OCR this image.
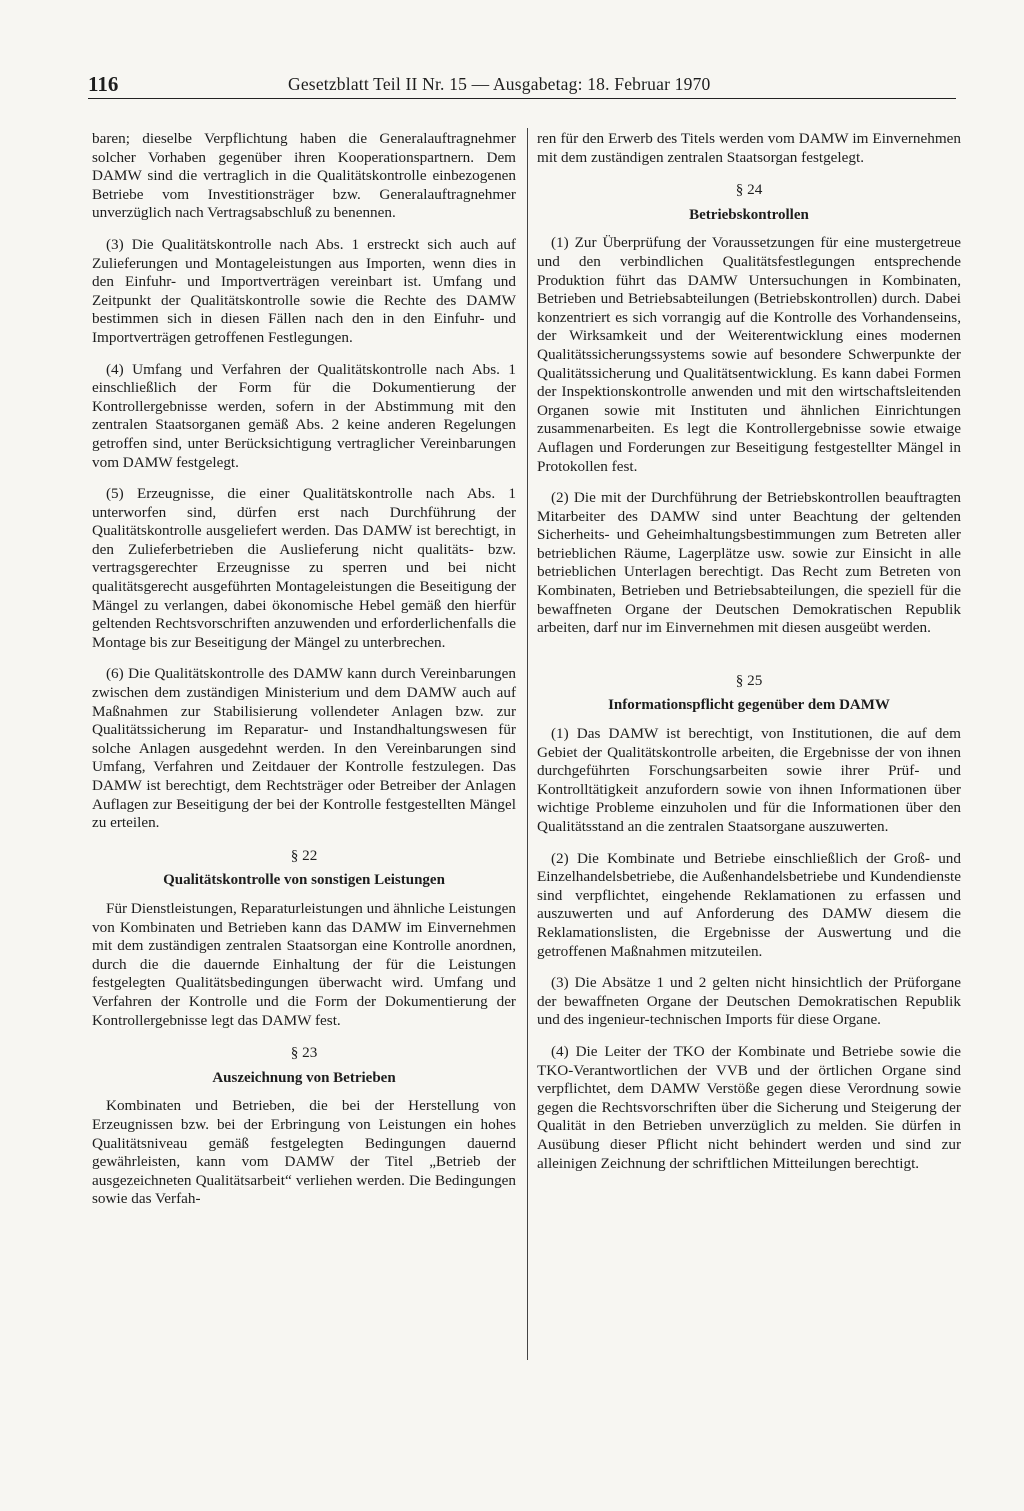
116	Gesetzblatt Teil II Nr. 15 — Ausgabetag: 18. Februar 1970

baren; dieselbe Verpflichtung haben die Generalauftragnehmer solcher Vorhaben gegenüber ihren Kooperationspartnern. Dem DAMW sind die vertraglich in die Qualitätskontrolle einbezogenen Betriebe vom Investitionsträger bzw. Generalauftragnehmer unverzüglich nach Vertragsabschluß zu benennen.

(3) Die Qualitätskontrolle nach Abs. 1 erstreckt sich auch auf Zulieferungen und Montageleistungen aus Importen, wenn dies in den Einfuhr- und Importverträgen vereinbart ist. Umfang und Zeitpunkt der Qualitätskontrolle sowie die Rechte des DAMW bestimmen sich in diesen Fällen nach den in den Einfuhr- und Importverträgen getroffenen Festlegungen.

(4) Umfang und Verfahren der Qualitätskontrolle nach Abs. 1 einschließlich der Form für die Dokumentierung der Kontrollergebnisse werden, sofern in der Abstimmung mit den zentralen Staatsorganen gemäß Abs. 2 keine anderen Regelungen getroffen sind, unter Berücksichtigung vertraglicher Vereinbarungen vom DAMW festgelegt.

(5) Erzeugnisse, die einer Qualitätskontrolle nach Abs. 1 unterworfen sind, dürfen erst nach Durchführung der Qualitätskontrolle ausgeliefert werden. Das DAMW ist berechtigt, in den Zulieferbetrieben die Auslieferung nicht qualitäts- bzw. vertragsgerechter Erzeugnisse zu sperren und bei nicht qualitätsgerecht ausgeführten Montageleistungen die Beseitigung der Mängel zu verlangen, dabei ökonomische Hebel gemäß den hierfür geltenden Rechtsvorschriften anzuwenden und erforderlichenfalls die Montage bis zur Beseitigung der Mängel zu unterbrechen.

(6) Die Qualitätskontrolle des DAMW kann durch Vereinbarungen zwischen dem zuständigen Ministerium und dem DAMW auch auf Maßnahmen zur Stabilisierung vollendeter Anlagen bzw. zur Qualitätssicherung im Reparatur- und Instandhaltungswesen für solche Anlagen ausgedehnt werden. In den Vereinbarungen sind Umfang, Verfahren und Zeitdauer der Kontrolle festzulegen. Das DAMW ist berechtigt, dem Rechtsträger oder Betreiber der Anlagen Auflagen zur Beseitigung der bei der Kontrolle festgestellten Mängel zu erteilen.

§ 22
Qualitätskontrolle von sonstigen Leistungen

Für Dienstleistungen, Reparaturleistungen und ähnliche Leistungen von Kombinaten und Betrieben kann das DAMW im Einvernehmen mit dem zuständigen zentralen Staatsorgan eine Kontrolle anordnen, durch die die dauernde Einhaltung der für die Leistungen festgelegten Qualitätsbedingungen überwacht wird. Umfang und Verfahren der Kontrolle und die Form der Dokumentierung der Kontrollergebnisse legt das DAMW fest.

§ 23
Auszeichnung von Betrieben

Kombinaten und Betrieben, die bei der Herstellung von Erzeugnissen bzw. bei der Erbringung von Leistungen ein hohes Qualitätsniveau gemäß festgelegten Bedingungen dauernd gewährleisten, kann vom DAMW der Titel „Betrieb der ausgezeichneten Qualitätsarbeit“ verliehen werden. Die Bedingungen sowie das Verfah-

ren für den Erwerb des Titels werden vom DAMW im Einvernehmen mit dem zuständigen zentralen Staatsorgan festgelegt.

§ 24
Betriebskontrollen

(1) Zur Überprüfung der Voraussetzungen für eine mustergetreue und den verbindlichen Qualitätsfestlegungen entsprechende Produktion führt das DAMW Untersuchungen in Kombinaten, Betrieben und Betriebsabteilungen (Betriebskontrollen) durch. Dabei konzentriert es sich vorrangig auf die Kontrolle des Vorhandenseins, der Wirksamkeit und der Weiterentwicklung eines modernen Qualitätssicherungssystems sowie auf besondere Schwerpunkte der Qualitätssicherung und Qualitätsentwicklung. Es kann dabei Formen der Inspektionskontrolle anwenden und mit den wirtschaftsleitenden Organen sowie mit Instituten und ähnlichen Einrichtungen zusammenarbeiten. Es legt die Kontrollergebnisse sowie etwaige Auflagen und Forderungen zur Beseitigung festgestellter Mängel in Protokollen fest.

(2) Die mit der Durchführung der Betriebskontrollen beauftragten Mitarbeiter des DAMW sind unter Beachtung der geltenden Sicherheits- und Geheimhaltungsbestimmungen zum Betreten aller betrieblichen Räume, Lagerplätze usw. sowie zur Einsicht in alle betrieblichen Unterlagen berechtigt. Das Recht zum Betreten von Kombinaten, Betrieben und Betriebsabteilungen, die speziell für die bewaffneten Organe der Deutschen Demokratischen Republik arbeiten, darf nur im Einvernehmen mit diesen ausgeübt werden.

§ 25
Informationspflicht gegenüber dem DAMW

(1) Das DAMW ist berechtigt, von Institutionen, die auf dem Gebiet der Qualitätskontrolle arbeiten, die Ergebnisse der von ihnen durchgeführten Forschungsarbeiten sowie ihrer Prüf- und Kontrolltätigkeit anzufordern sowie von ihnen Informationen über wichtige Probleme einzuholen und für die Informationen über den Qualitätsstand an die zentralen Staatsorgane auszuwerten.

(2) Die Kombinate und Betriebe einschließlich der Groß- und Einzelhandelsbetriebe, die Außenhandelsbetriebe und Kundendienste sind verpflichtet, eingehende Reklamationen zu erfassen und auszuwerten und auf Anforderung des DAMW diesem die Reklamationslisten, die Ergebnisse der Auswertung und die getroffenen Maßnahmen mitzuteilen.

(3) Die Absätze 1 und 2 gelten nicht hinsichtlich der Prüforgane der bewaffneten Organe der Deutschen Demokratischen Republik und des ingenieur-technischen Imports für diese Organe.

(4) Die Leiter der TKO der Kombinate und Betriebe sowie die TKO-Verantwortlichen der VVB und der örtlichen Organe sind verpflichtet, dem DAMW Verstöße gegen diese Verordnung sowie gegen die Rechtsvorschriften über die Sicherung und Steigerung der Qualität in den Betrieben unverzüglich zu melden. Sie dürfen in Ausübung dieser Pflicht nicht behindert werden und sind zur alleinigen Zeichnung der schriftlichen Mitteilungen berechtigt.
